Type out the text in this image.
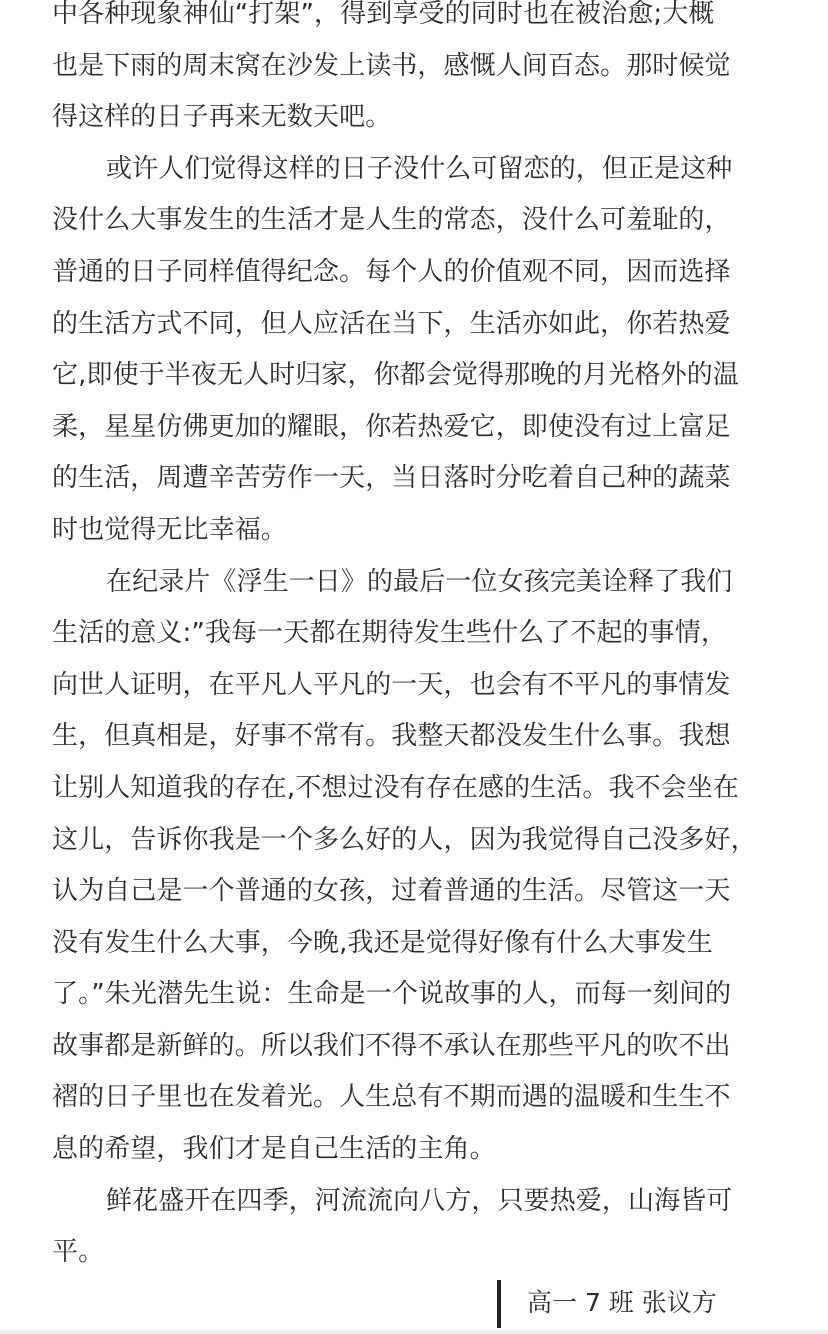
中各种现象神仙“打架”，得到享受的同时也在被治愈;大概
也是下雨的周末窝在沙发上读书，感慨人间百态。那时候觉
得这样的日子再来无数天吧。

或许人们觉得这样的日子没什么可留恋的，但正是这种
没什么大事发生的生活才是人生的常态，没什么可羞耻的，
普通的日子同样值得纪念。每个人的价值观不同，因而选择
的生活方式不同，但人应活在当下，生活亦如此，你若热爱
它,即使于半夜无人时归家，你都会觉得那晚的月光格外的温
柔，星星仿佛更加的耀眼，你若热爱它，即使没有过上富足
的生活，周遭辛苦劳作一天，当日落时分吃着自己种的蔬菜
时也觉得无比幸福。

在纪录片《浮生一日》的最后一位女孩完美诠释了我们
生活的意义:”我每一天都在期待发生些什么了不起的事情，
向世人证明，在平凡人平凡的一天，也会有不平凡的事情发
生，但真相是，好事不常有。我整天都没发生什么事。我想
让别人知道我的存在,不想过没有存在感的生活。我不会坐在
这儿，告诉你我是一个多么好的人，因为我觉得自己没多好，
认为自己是一个普通的女孩，过着普通的生活。尽管这一天
没有发生什么大事，今晚,我还是觉得好像有什么大事发生
了。”朱光潜先生说：生命是一个说故事的人，而每一刻间的
故事都是新鲜的。所以我们不得不承认在那些平凡的吹不出
褶的日子里也在发着光。人生总有不期而遇的温暖和生生不
息的希望，我们才是自己生活的主角。

鲜花盛开在四季，河流流向八方，只要热爱，山海皆可
平。

高一 7 班 张议方
